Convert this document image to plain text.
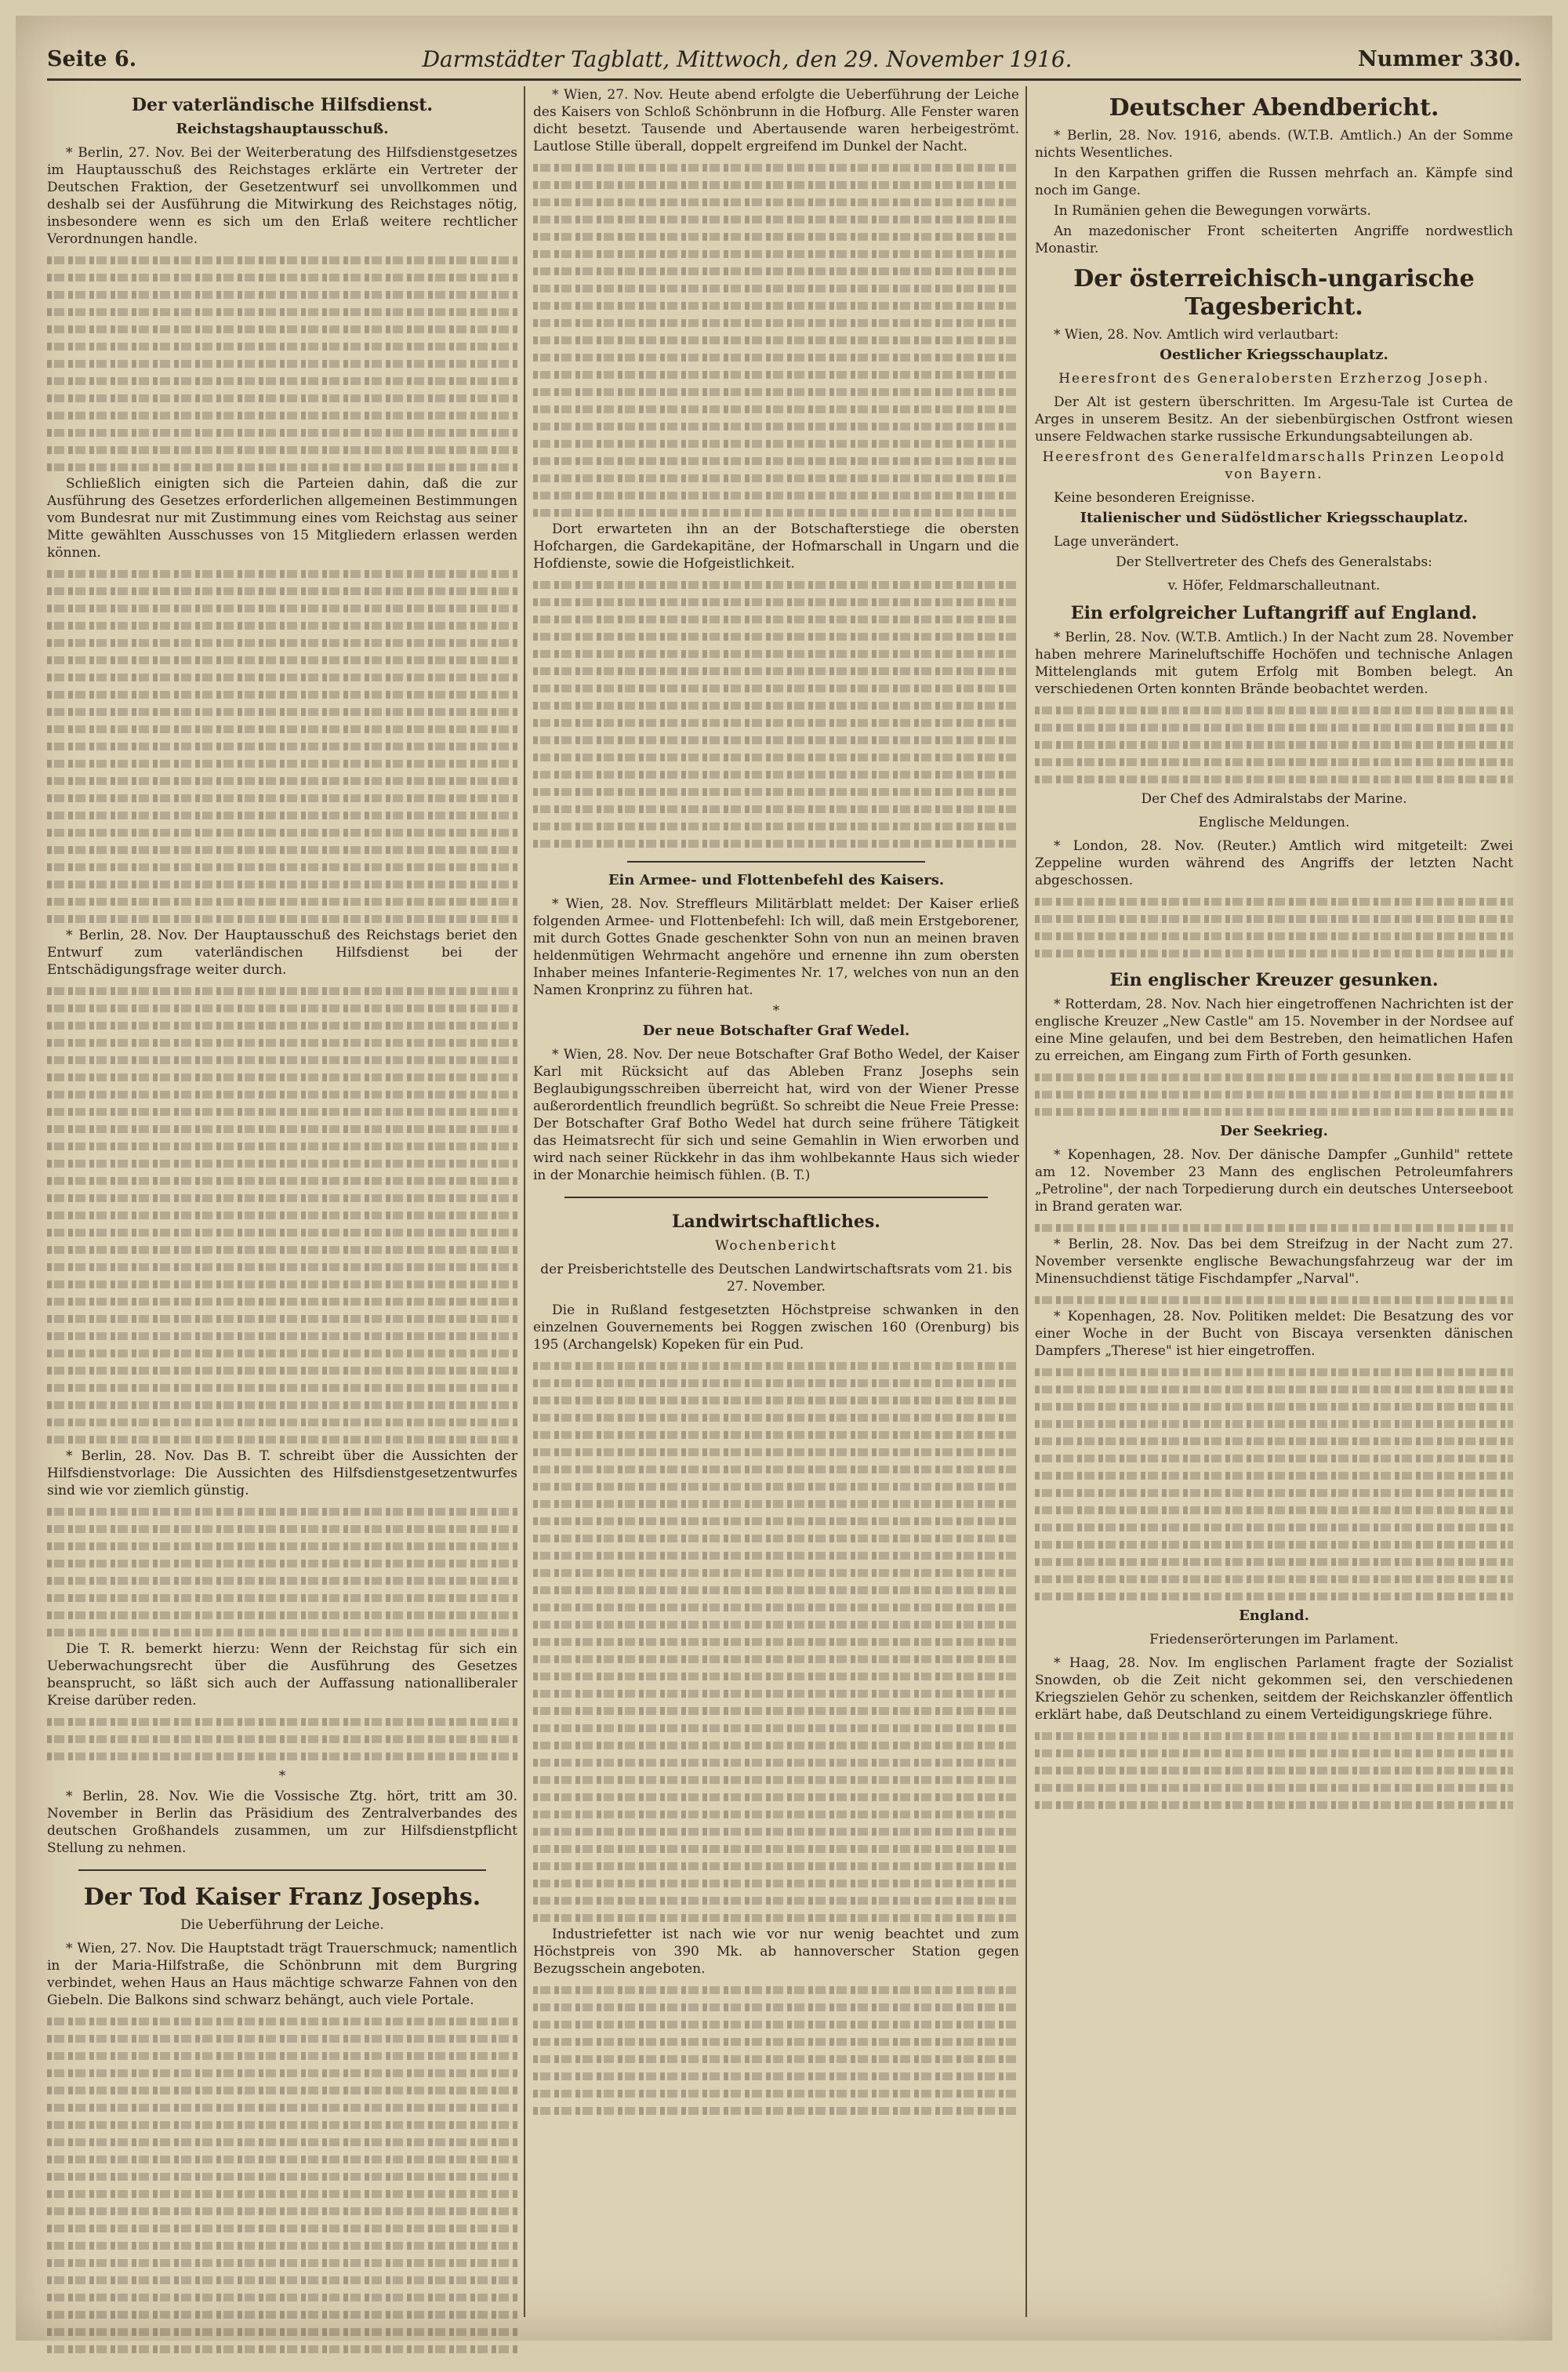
Seite 6.	Darmstädter Tagblatt, Mittwoch, den 29. November 1916.	Nummer 330.
Der vaterländische Hilfsdienst.
Reichstagshauptausschuß.

* Berlin, 27. Nov. Bei der Weiterberatung des Hilfsdienstgesetzes im Hauptausschuß des Reichstages erklärte ein Vertreter der Deutschen Fraktion, der Gesetzentwurf sei unvollkommen und deshalb sei der Ausführung die Mitwirkung des Reichstages nötig, insbesondere wenn es sich um den Erlaß weitere rechtlicher Verordnungen handle.

Schließlich einigten sich die Parteien dahin, daß die zur Ausführung des Gesetzes erforderlichen allgemeinen Bestimmungen vom Bundesrat nur mit Zustimmung eines vom Reichstag aus seiner Mitte gewählten Ausschusses von 15 Mitgliedern erlassen werden können.

* Berlin, 28. Nov. Der Hauptausschuß des Reichstags beriet den Entwurf zum vaterländischen Hilfsdienst bei der Entschädigungsfrage weiter durch.

* Berlin, 28. Nov. Das B. T. schreibt über die Aussichten der Hilfsdienstvorlage: Die Aussichten des Hilfsdienstgesetzentwurfes sind wie vor ziemlich günstig.

Die T. R. bemerkt hierzu: Wenn der Reichstag für sich ein Ueberwachungsrecht über die Ausführung des Gesetzes beansprucht, so läßt sich auch der Auffassung nationalliberaler Kreise darüber reden.

*

* Berlin, 28. Nov. Wie die Vossische Ztg. hört, tritt am 30. November in Berlin das Präsidium des Zentralverbandes des deutschen Großhandels zusammen, um zur Hilfsdienstpflicht Stellung zu nehmen.

Der Tod Kaiser Franz Josephs.
Die Ueberführung der Leiche.

* Wien, 27. Nov. Die Hauptstadt trägt Trauerschmuck; namentlich in der Maria-Hilfstraße, die Schönbrunn mit dem Burgring verbindet, wehen Haus an Haus mächtige schwarze Fahnen von den Giebeln. Die Balkons sind schwarz behängt, auch viele Portale.

* Wien, 27. Nov. Heute abend erfolgte die Ueberführung der Leiche des Kaisers von Schloß Schönbrunn in die Hofburg. Alle Fenster waren dicht besetzt. Tausende und Abertausende waren herbeigeströmt. Lautlose Stille überall, doppelt ergreifend im Dunkel der Nacht.

Dort erwarteten ihn an der Botschafterstiege die obersten Hofchargen, die Gardekapitäne, der Hofmarschall in Ungarn und die Hofdienste, sowie die Hofgeistlichkeit.

Ein Armee- und Flottenbefehl des Kaisers.

* Wien, 28. Nov. Streffleurs Militärblatt meldet: Der Kaiser erließ folgenden Armee- und Flottenbefehl: Ich will, daß mein Erstgeborener, mit durch Gottes Gnade geschenkter Sohn von nun an meinen braven heldenmütigen Wehrmacht angehöre und ernenne ihn zum obersten Inhaber meines Infanterie-Regimentes Nr. 17, welches von nun an den Namen Kronprinz zu führen hat.

*
Der neue Botschafter Graf Wedel.

* Wien, 28. Nov. Der neue Botschafter Graf Botho Wedel, der Kaiser Karl mit Rücksicht auf das Ableben Franz Josephs sein Beglaubigungsschreiben überreicht hat, wird von der Wiener Presse außerordentlich freundlich begrüßt. So schreibt die Neue Freie Presse: Der Botschafter Graf Botho Wedel hat durch seine frühere Tätigkeit das Heimatsrecht für sich und seine Gemahlin in Wien erworben und wird nach seiner Rückkehr in das ihm wohlbekannte Haus sich wieder in der Monarchie heimisch fühlen. (B. T.)

Landwirtschaftliches.
Wochenbericht
der Preisberichtstelle des Deutschen Landwirtschaftsrats vom 21. bis 27. November.

Die in Rußland festgesetzten Höchstpreise schwanken in den einzelnen Gouvernements bei Roggen zwischen 160 (Orenburg) bis 195 (Archangelsk) Kopeken für ein Pud.

Industriefetter ist nach wie vor nur wenig beachtet und zum Höchstpreis von 390 Mk. ab hannoverscher Station gegen Bezugsschein angeboten.

Deutscher Abendbericht.

* Berlin, 28. Nov. 1916, abends. (W.T.B. Amtlich.) An der Somme nichts Wesentliches.

In den Karpathen griffen die Russen mehrfach an. Kämpfe sind noch im Gange.

In Rumänien gehen die Bewegungen vorwärts.

An mazedonischer Front scheiterten Angriffe nordwestlich Monastir.

Der österreichisch-ungarische Tagesbericht.

* Wien, 28. Nov. Amtlich wird verlautbart:

Oestlicher Kriegsschauplatz.
Heeresfront des Generalobersten Erzherzog Joseph.

Der Alt ist gestern überschritten. Im Argesu-Tale ist Curtea de Arges in unserem Besitz. An der siebenbürgischen Ostfront wiesen unsere Feldwachen starke russische Erkundungsabteilungen ab.

Heeresfront des Generalfeldmarschalls Prinzen Leopold von Bayern.

Keine besonderen Ereignisse.

Italienischer und Südöstlicher Kriegsschauplatz.

Lage unverändert.

Der Stellvertreter des Chefs des Generalstabs:
v. Höfer, Feldmarschalleutnant.
Ein erfolgreicher Luftangriff auf England.

* Berlin, 28. Nov. (W.T.B. Amtlich.) In der Nacht zum 28. November haben mehrere Marineluftschiffe Hochöfen und technische Anlagen Mittelenglands mit gutem Erfolg mit Bomben belegt. An verschiedenen Orten konnten Brände beobachtet werden.

Der Chef des Admiralstabs der Marine.
Englische Meldungen.

* London, 28. Nov. (Reuter.) Amtlich wird mitgeteilt: Zwei Zeppeline wurden während des Angriffs der letzten Nacht abgeschossen.

Ein englischer Kreuzer gesunken.

* Rotterdam, 28. Nov. Nach hier eingetroffenen Nachrichten ist der englische Kreuzer „New Castle" am 15. November in der Nordsee auf eine Mine gelaufen, und bei dem Bestreben, den heimatlichen Hafen zu erreichen, am Eingang zum Firth of Forth gesunken.

Der Seekrieg.

* Kopenhagen, 28. Nov. Der dänische Dampfer „Gunhild" rettete am 12. November 23 Mann des englischen Petroleumfahrers „Petroline", der nach Torpedierung durch ein deutsches Unterseeboot in Brand geraten war.

* Berlin, 28. Nov. Das bei dem Streifzug in der Nacht zum 27. November versenkte englische Bewachungsfahrzeug war der im Minensuchdienst tätige Fischdampfer „Narval".

* Kopenhagen, 28. Nov. Politiken meldet: Die Besatzung des vor einer Woche in der Bucht von Biscaya versenkten dänischen Dampfers „Therese" ist hier eingetroffen.

England.
Friedenserörterungen im Parlament.

* Haag, 28. Nov. Im englischen Parlament fragte der Sozialist Snowden, ob die Zeit nicht gekommen sei, den verschiedenen Kriegszielen Gehör zu schenken, seitdem der Reichskanzler öffentlich erklärt habe, daß Deutschland zu einem Verteidigungskriege führe.
